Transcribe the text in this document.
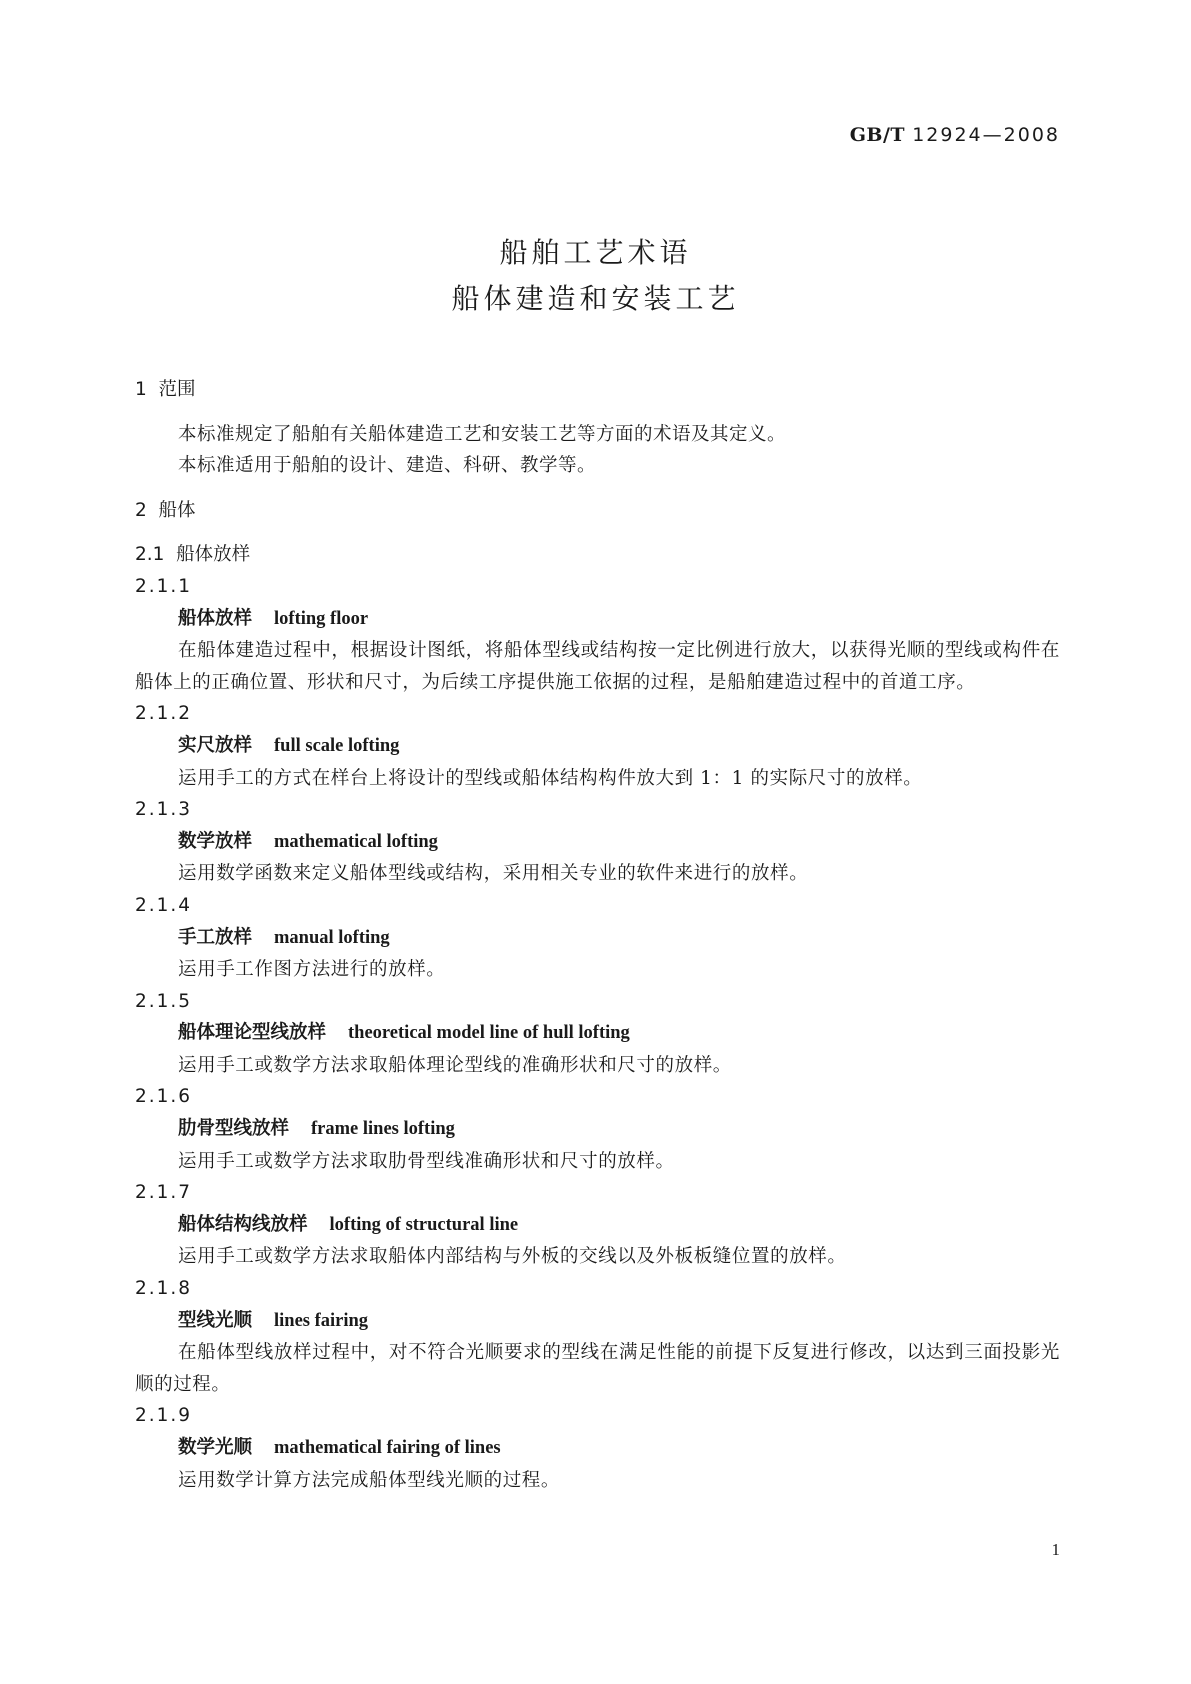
GB/T 12924—2008
船舶工艺术语
船体建造和安装工艺
1  范围
本标准规定了船舶有关船体建造工艺和安装工艺等方面的术语及其定义。
本标准适用于船舶的设计、建造、科研、教学等。
2  船体
2.1  船体放样
2.1.1
船体放样 lofting floor
在船体建造过程中，根据设计图纸，将船体型线或结构按一定比例进行放大，以获得光顺的型线或构件在船体上的正确位置、形状和尺寸，为后续工序提供施工依据的过程，是船舶建造过程中的首道工序。
2.1.2
实尺放样 full scale lofting
运用手工的方式在样台上将设计的型线或船体结构构件放大到 1：1 的实际尺寸的放样。
2.1.3
数学放样 mathematical lofting
运用数学函数来定义船体型线或结构，采用相关专业的软件来进行的放样。
2.1.4
手工放样 manual lofting
运用手工作图方法进行的放样。
2.1.5
船体理论型线放样 theoretical model line of hull lofting
运用手工或数学方法求取船体理论型线的准确形状和尺寸的放样。
2.1.6
肋骨型线放样 frame lines lofting
运用手工或数学方法求取肋骨型线准确形状和尺寸的放样。
2.1.7
船体结构线放样 lofting of structural line
运用手工或数学方法求取船体内部结构与外板的交线以及外板板缝位置的放样。
2.1.8
型线光顺 lines fairing
在船体型线放样过程中，对不符合光顺要求的型线在满足性能的前提下反复进行修改，以达到三面投影光顺的过程。
2.1.9
数学光顺 mathematical fairing of lines
运用数学计算方法完成船体型线光顺的过程。
1
